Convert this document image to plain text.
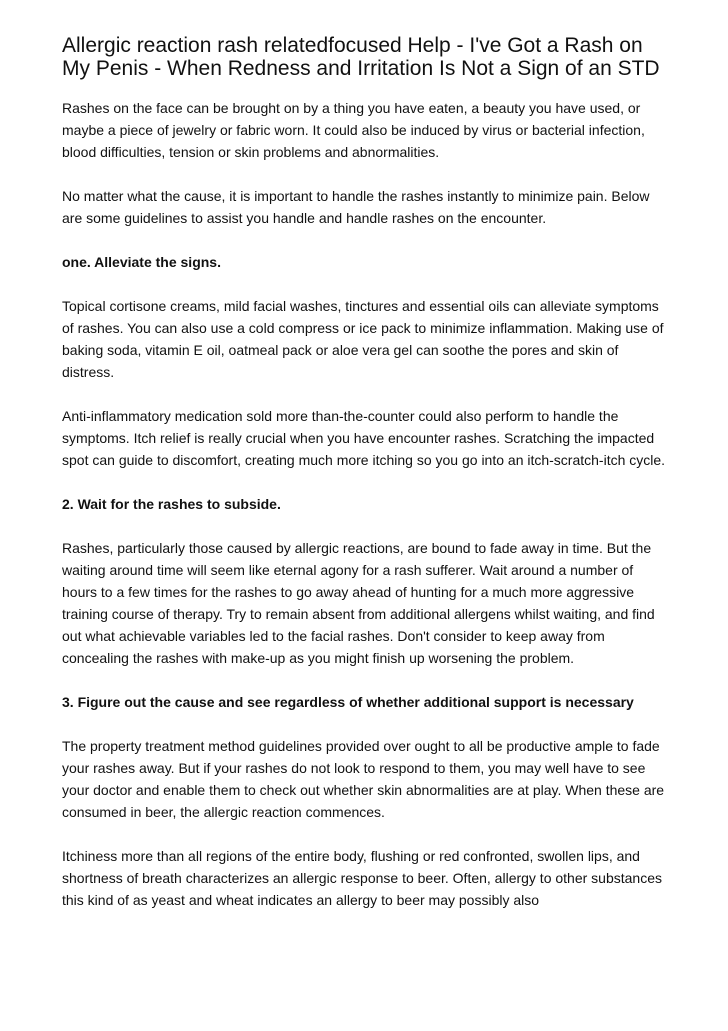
Allergic reaction rash relatedfocused Help - I've Got a Rash on My Penis - When Redness and Irritation Is Not a Sign of an STD

Rashes on the face can be brought on by a thing you have eaten, a beauty you have used, or maybe a piece of jewelry or fabric worn. It could also be induced by virus or bacterial infection, blood difficulties, tension or skin problems and abnormalities.

No matter what the cause, it is important to handle the rashes instantly to minimize pain. Below are some guidelines to assist you handle and handle rashes on the encounter.

one. Alleviate the signs.

Topical cortisone creams, mild facial washes, tinctures and essential oils can alleviate symptoms of rashes. You can also use a cold compress or ice pack to minimize inflammation. Making use of baking soda, vitamin E oil, oatmeal pack or aloe vera gel can soothe the pores and skin of distress.

Anti-inflammatory medication sold more than-the-counter could also perform to handle the symptoms. Itch relief is really crucial when you have encounter rashes. Scratching the impacted spot can guide to discomfort, creating much more itching so you go into an itch-scratch-itch cycle.

2. Wait for the rashes to subside.

Rashes, particularly those caused by allergic reactions, are bound to fade away in time. But the waiting around time will seem like eternal agony for a rash sufferer. Wait around a number of hours to a few times for the rashes to go away ahead of hunting for a much more aggressive training course of therapy. Try to remain absent from additional allergens whilst waiting, and find out what achievable variables led to the facial rashes. Don't consider to keep away from concealing the rashes with make-up as you might finish up worsening the problem.

3. Figure out the cause and see regardless of whether additional support is necessary

The property treatment method guidelines provided over ought to all be productive ample to fade your rashes away. But if your rashes do not look to respond to them, you may well have to see your doctor and enable them to check out whether skin abnormalities are at play. When these are consumed in beer, the allergic reaction commences.

Itchiness more than all regions of the entire body, flushing or red confronted, swollen lips, and shortness of breath characterizes an allergic response to beer. Often, allergy to other substances this kind of as yeast and wheat indicates an allergy to beer may possibly also
